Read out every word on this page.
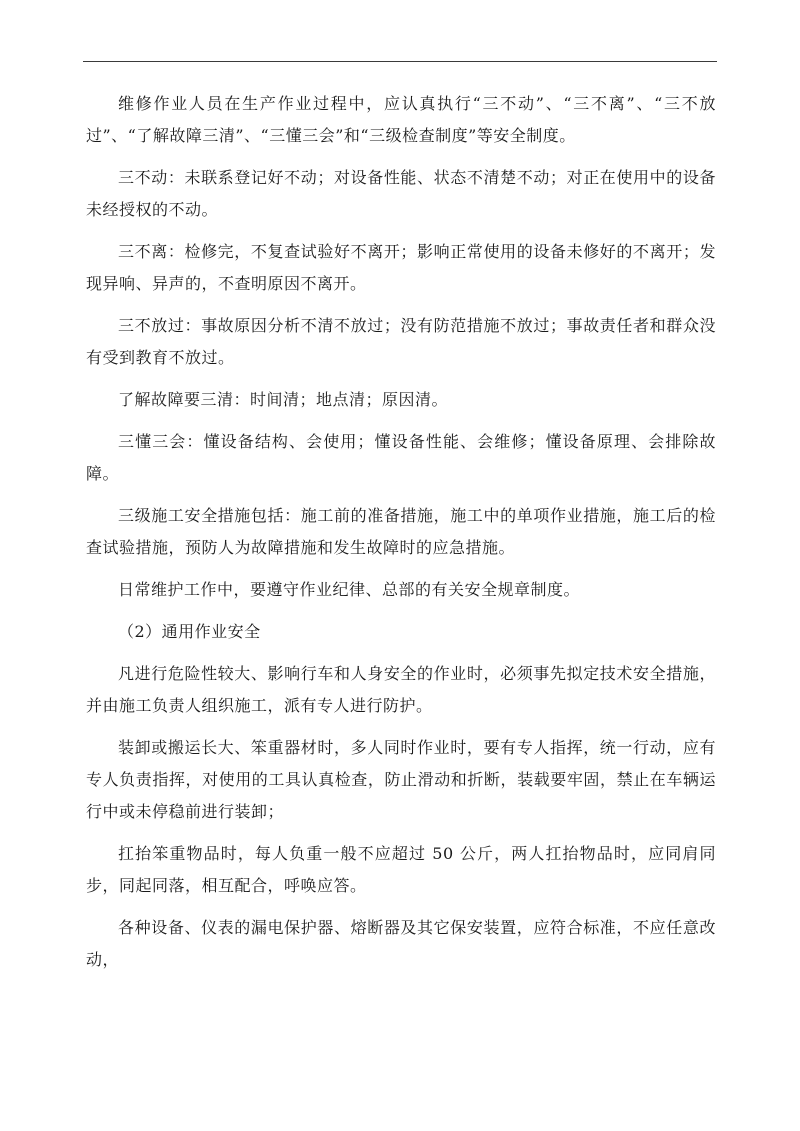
维修作业人员在生产作业过程中，应认真执行“三不动”、“三不离”、“三不放过”、“了解故障三清”、“三懂三会”和“三级检查制度”等安全制度。

三不动：未联系登记好不动；对设备性能、状态不清楚不动；对正在使用中的设备未经授权的不动。

三不离：检修完，不复查试验好不离开；影响正常使用的设备未修好的不离开；发现异响、异声的，不查明原因不离开。

三不放过：事故原因分析不清不放过；没有防范措施不放过；事故责任者和群众没有受到教育不放过。

了解故障要三清：时间清；地点清；原因清。

三懂三会：懂设备结构、会使用；懂设备性能、会维修；懂设备原理、会排除故障。

三级施工安全措施包括：施工前的准备措施，施工中的单项作业措施，施工后的检查试验措施，预防人为故障措施和发生故障时的应急措施。

日常维护工作中，要遵守作业纪律、总部的有关安全规章制度。

（2）通用作业安全

凡进行危险性较大、影响行车和人身安全的作业时，必须事先拟定技术安全措施，并由施工负责人组织施工，派有专人进行防护。

装卸或搬运长大、笨重器材时，多人同时作业时，要有专人指挥，统一行动，应有专人负责指挥，对使用的工具认真检查，防止滑动和折断，装载要牢固，禁止在车辆运行中或未停稳前进行装卸；

扛抬笨重物品时，每人负重一般不应超过 50 公斤，两人扛抬物品时，应同肩同步，同起同落，相互配合，呼唤应答。

各种设备、仪表的漏电保护器、熔断器及其它保安装置，应符合标准，不应任意改动，
